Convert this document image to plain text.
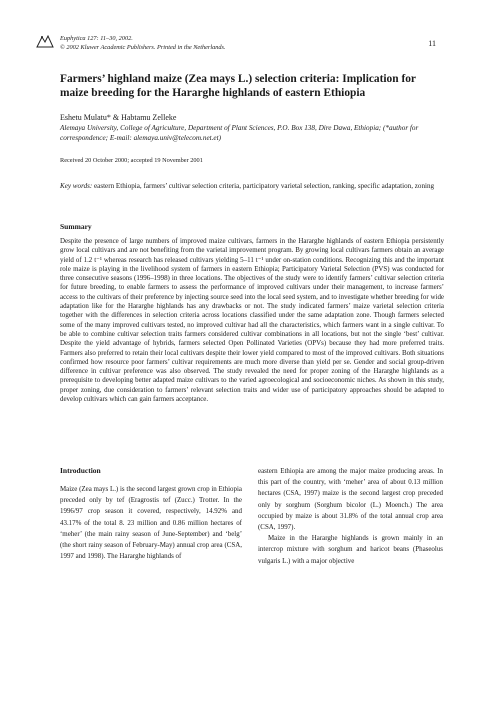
Euphytica 127: 11–30, 2002.
© 2002 Kluwer Academic Publishers. Printed in the Netherlands.	11
Farmers’ highland maize (Zea mays L.) selection criteria: Implication for maize breeding for the Hararghe highlands of eastern Ethiopia
Eshetu Mulatu* & Habtamu Zelleke
Alemaya University, College of Agriculture, Department of Plant Sciences, P.O. Box 138, Dire Dawa, Ethiopia; (*author for correspondence; E-mail: alemaya.univ@telecom.net.et)
Received 20 October 2000; accepted 19 November 2001
Key words: eastern Ethiopia, farmers’ cultivar selection criteria, participatory varietal selection, ranking, specific adaptation, zoning
Summary
Despite the presence of large numbers of improved maize cultivars, farmers in the Hararghe highlands of eastern Ethiopia persistently grow local cultivars and are not benefiting from the varietal improvement program. By growing local cultivars farmers obtain an average yield of 1.2 t⁻¹ whereas research has released cultivars yielding 5–11 t⁻¹ under on-station conditions. Recognizing this and the important role maize is playing in the livelihood system of farmers in eastern Ethiopia; Participatory Varietal Selection (PVS) was conducted for three consecutive seasons (1996–1998) in three locations. The objectives of the study were to identify farmers’ cultivar selection criteria for future breeding, to enable farmers to assess the performance of improved cultivars under their management, to increase farmers’ access to the cultivars of their preference by injecting source seed into the local seed system, and to investigate whether breeding for wide adaptation like for the Hararghe highlands has any drawbacks or not. The study indicated farmers’ maize varietal selection criteria together with the differences in selection criteria across locations classified under the same adaptation zone. Though farmers selected some of the many improved cultivars tested, no improved cultivar had all the characteristics, which farmers want in a single cultivar. To be able to combine cultivar selection traits farmers considered cultivar combinations in all locations, but not the single ‘best’ cultivar. Despite the yield advantage of hybrids, farmers selected Open Pollinated Varieties (OPVs) because they had more preferred traits. Farmers also preferred to retain their local cultivars despite their lower yield compared to most of the improved cultivars. Both situations confirmed how resource poor farmers’ cultivar requirements are much more diverse than yield per se. Gender and social group-driven difference in cultivar preference was also observed. The study revealed the need for proper zoning of the Hararghe highlands as a prerequisite to developing better adapted maize cultivars to the varied agroecological and socioeconomic niches. As shown in this study, proper zoning, due consideration to farmers’ relevant selection traits and wider use of participatory approaches should be adapted to develop cultivars which can gain farmers acceptance.
Introduction
Maize (Zea mays L.) is the second largest grown crop in Ethiopia preceded only by tef (Eragrostis tef (Zucc.) Trotter. In the 1996/97 crop season it covered, respectively, 14.92% and 43.17% of the total 8. 23 million and 0.86 million hectares of ‘meher’ (the main rainy season of June-September) and ‘belg’ (the short rainy season of February-May) annual crop area (CSA, 1997 and 1998). The Hararghe highlands of

eastern Ethiopia are among the major maize producing areas. In this part of the country, with ‘meher’ area of about 0.13 million hectares (CSA, 1997) maize is the second largest crop preceded only by sorghum (Sorghum bicolor (L.) Moench.) The area occupied by maize is about 31.8% of the total annual crop area (CSA, 1997).

Maize in the Hararghe highlands is grown mainly in an intercrop mixture with sorghum and haricot beans (Phaseolus vulgaris L.) with a major objective
